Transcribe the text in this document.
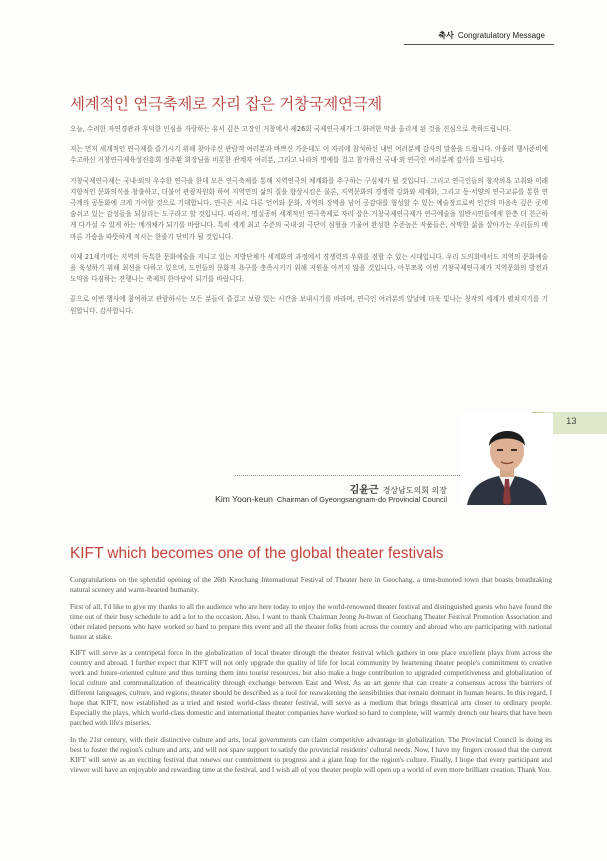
축사 Congratulatory Message
세계적인 연극축제로 자리 잡은 거창국제연극제

오늘, 수려한 자연경관과 후덕한 인심을 자랑하는 유서 깊은 고장인 거창에서 제26회 국제연극제가 그 화려한 막을 올리게 된 것을 진심으로 축하드립니다.

저는 먼저 세계적인 연극제를 즐기시기 위해 찾아주신 관람객 여러분과 바쁘신 가운데도 이 자리에 참석하신 내빈 여러분께 감사의 말씀을 드립니다. 아울러 행사준비에 수고하신 거창연극제육성진흥회 정주환 회장님을 비롯한 관계자 여러분, 그리고 나라의 명예를 걸고 참가하신 국내·외 연극인 여러분께 감사를 드립니다.

거창국제연극제는 국내·외의 우수한 연극을 한데 모은 연극축제를 통해 지역연극의 체계화를 추구하는 구심체가 될 것입니다. 그리고 연극인들의 창작의욕 고취와 미래지향적인 문화의식을 창출하고, 더불어 관광자원화 하여 지역민의 삶의 질을 향상시킴은 물론, 지역문화의 경쟁력 강화와 세계화, 그리고 동·서양의 연극교류를 통한 연극계의 공동화에 크게 기여할 것으로 기대합니다. 연극은 서로 다른 언어와 문화, 지역의 장벽을 넘어 공감대를 형성할 수 있는 예술장르로써 인간의 마음속 깊은 곳에 숨쉬고 있는 감성들을 되살리는 도구라고 할 것입니다. 따라서, 명실공히 세계적인 연극축제로 자리 잡은 거창국제연극제가 연극예술을 일반시민들에게 한층 더 친근하게 다가설 수 있게 하는 메개체가 되기를 바랍니다. 특히 세계 최고 수준의 국내·외 극단이 심혈을 기울여 완성한 수준높은 작품들은, 삭막한 삶을 살아가는 우리들의 메마른 가슴을 따뜻하게 적시는 한줄기 단비가 될 것입니다.

이제 21세기에는 지역의 독특한 문화예술을 지니고 있는 지방단체가 세계화의 과정에서 경쟁력의 우위를 점할 수 있는 시대입니다. 우리 도의회에서도 지역의 문화예술을 육성하기 위해 최선을 다하고 있으며, 도민들의 문화적 욕구를 충족시키기 위해 지원을 아끼지 않을 것입니다. 아무쪼록 이번 거창국제연극제가 지역문화의 발전과 도약을 다짐하는 진행나는 축제의 한마당이 되기를 바랍니다.

끝으로 이번 행사에 참여하고 관람하시는 모든 분들이 즐겁고 보람 있는 시간을 보내시기를 바라며, 연극인 여러분의 앞날에 더욱 빛나는 창작의 세계가 펼쳐지기를 기원합니다. 감사합니다.

13
김윤근 경상남도의회 의장
Kim Yoon-keun Chairman of Gyeongsangnam-do Provincial Council
KIFT which becomes one of the global theater festivals

Congratulations on the splendid opening of the 26th Keochang International Festival of Theater here in Geochang, a time-honored town that boasts breathtaking natural scenery and warm-hearted humanity.

First of all, I'd like to give my thanks to all the audience who are here today to enjoy the world-renowned theater festival and distinguished guests who have found the time out of their busy schedule to add a lot to the occasion. Also, I want to thank Chairman Jeong Ju-hwan of Geochang Theater Festival Promotion Association and other related persons who have worked so hard to prepare this event and all the theater folks from across the country and abroad who are participating with national honor at stake.

KIFT will serve as a centripetal force in the globalization of local theater through the theater festival which gathers in one place excellent plays from across the country and abroad. I further expect that KIFT will not only upgrade the quality of life for local community by heartening theater people's commitment to creative work and future-oriented culture and thus turning them into tourist resources, but also make a huge contribution to upgraded competitiveness and globalization of local culture and communalization of theatricality through exchange between East and West. As an art genre that can create a consensus across the barriers of different languages, culture, and regions, theater should be described as a tool for reawakening the sensibilities that remain dormant in human hearts. In this regard, I hope that KIFT, now established as a tried and tested world-class theater festival, will serve as a medium that brings theatrical arts closer to ordinary people. Especially the plays, which world-class domestic and international theater companies have worked so hard to complete, will warmly drench our hearts that have been parched with life's miseries.

In the 21st century, with their distinctive culture and arts, local governments can claim competitive advantage in globalization. The Provincial Council is doing its best to foster the region's culture and arts, and will not spare support to satisfy the provincial residents' cultural needs. Now, I have my fingers crossed that the current KIFT will serve as an exciting festival that renews our commitment to progress and a giant leap for the region's culture. Finally, I hope that every participant and viewer will have an enjoyable and rewarding time at the festival, and I wish all of you theater people will open up a world of even more brilliant creation. Thank You.
